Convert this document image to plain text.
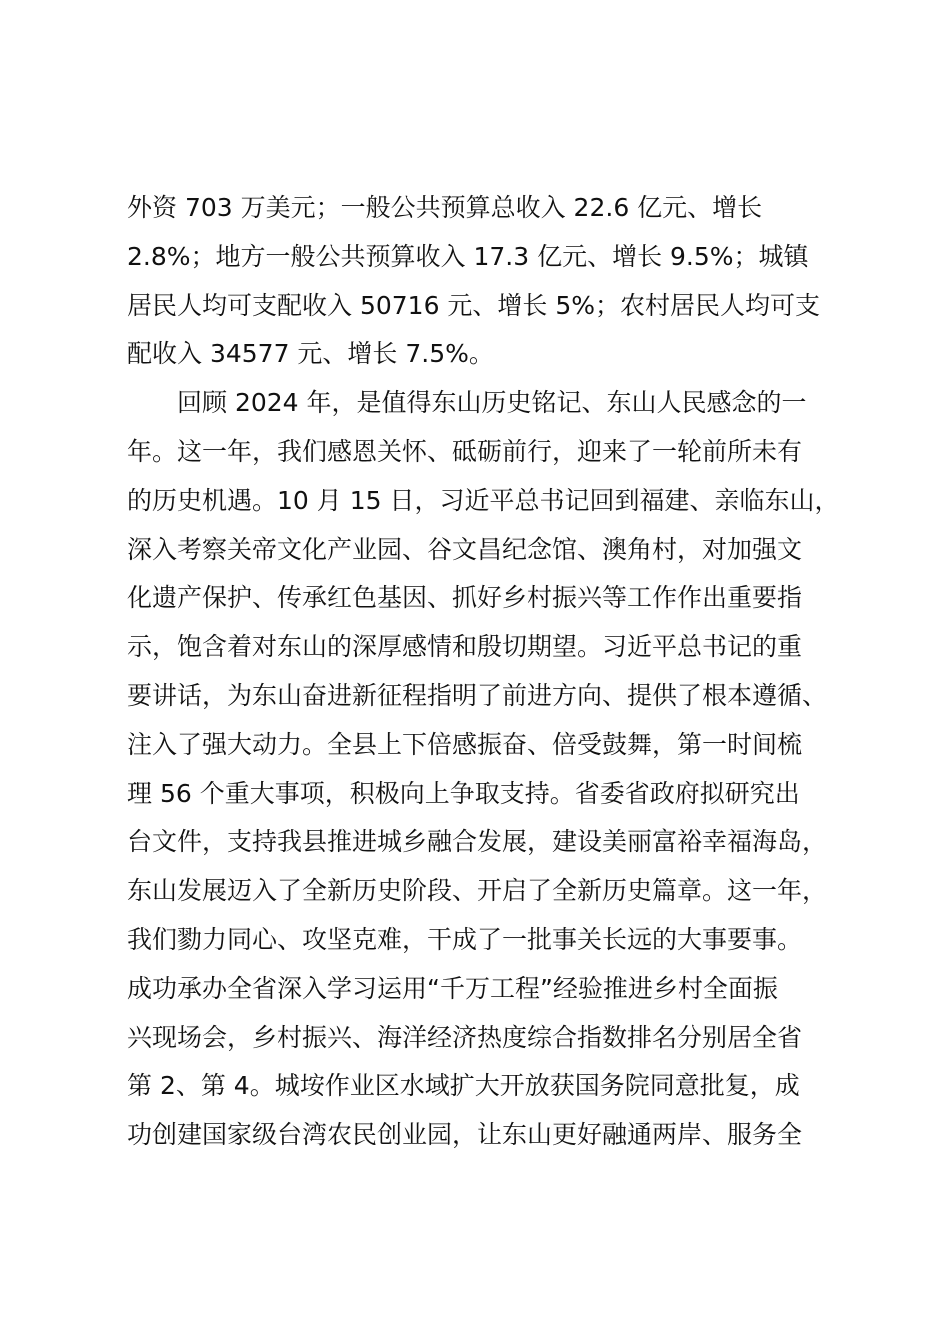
外资 703 万美元；一般公共预算总收入 22.6 亿元、增长
2.8%；地方一般公共预算收入 17.3 亿元、增长 9.5%；城镇
居民人均可支配收入 50716 元、增长 5%；农村居民人均可支
配收入 34577 元、增长 7.5%。
回顾 2024 年，是值得东山历史铭记、东山人民感念的一
年。这一年，我们感恩关怀、砥砺前行，迎来了一轮前所未有
的历史机遇。10 月 15 日，习近平总书记回到福建、亲临东山，
深入考察关帝文化产业园、谷文昌纪念馆、澳角村，对加强文
化遗产保护、传承红色基因、抓好乡村振兴等工作作出重要指
示，饱含着对东山的深厚感情和殷切期望。习近平总书记的重
要讲话，为东山奋进新征程指明了前进方向、提供了根本遵循、
注入了强大动力。全县上下倍感振奋、倍受鼓舞，第一时间梳
理 56 个重大事项，积极向上争取支持。省委省政府拟研究出
台文件，支持我县推进城乡融合发展，建设美丽富裕幸福海岛，
东山发展迈入了全新历史阶段、开启了全新历史篇章。这一年，
我们勠力同心、攻坚克难，干成了一批事关长远的大事要事。
成功承办全省深入学习运用“千万工程”经验推进乡村全面振
兴现场会，乡村振兴、海洋经济热度综合指数排名分别居全省
第 2、第 4。城垵作业区水域扩大开放获国务院同意批复，成
功创建国家级台湾农民创业园，让东山更好融通两岸、服务全
